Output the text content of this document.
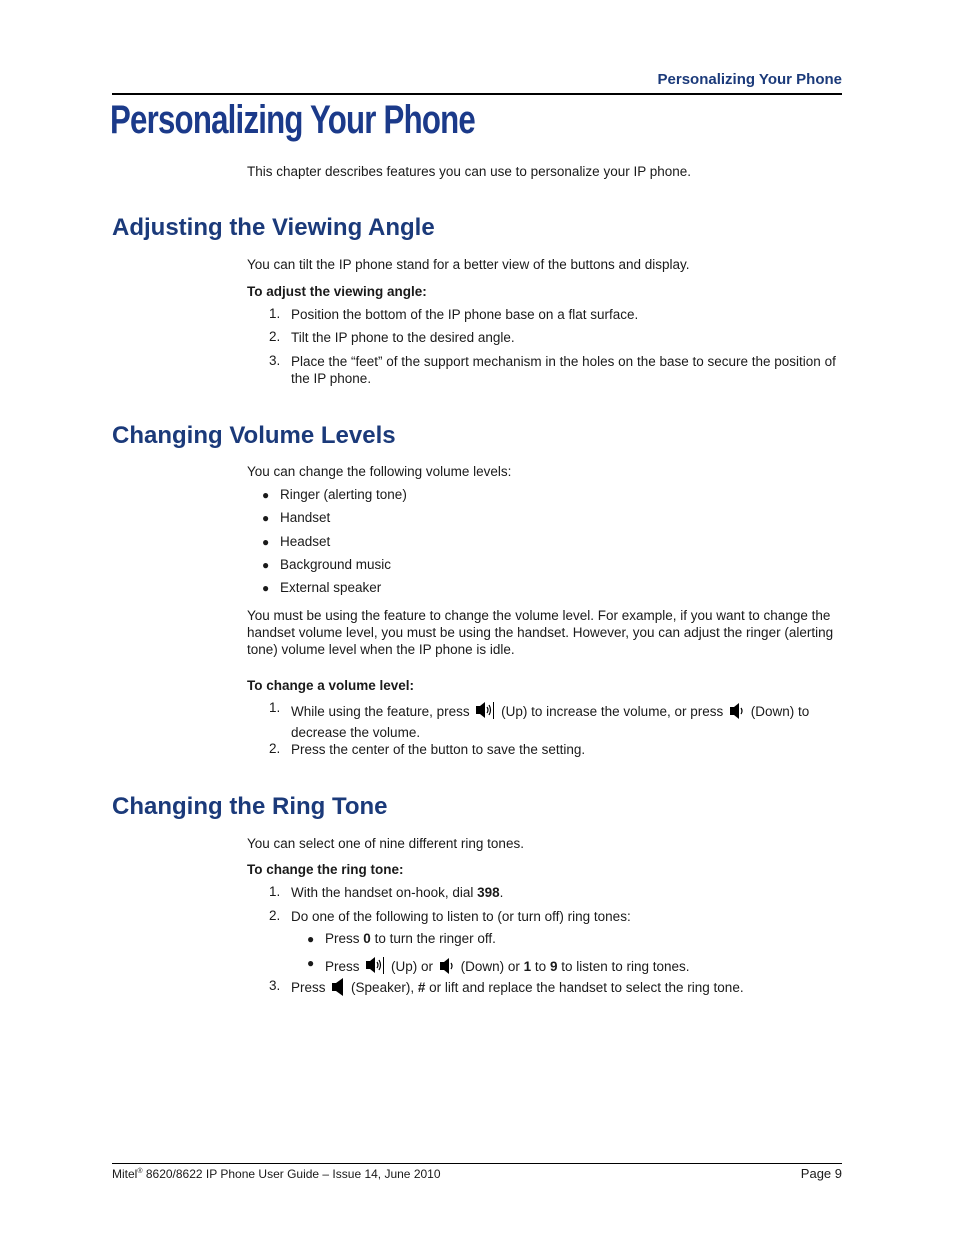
Personalizing Your Phone
Personalizing Your Phone
This chapter describes features you can use to personalize your IP phone.
Adjusting the Viewing Angle
You can tilt the IP phone stand for a better view of the buttons and display.
To adjust the viewing angle:
1. Position the bottom of the IP phone base on a flat surface.
2. Tilt the IP phone to the desired angle.
3. Place the “feet” of the support mechanism in the holes on the base to secure the position of the IP phone.
Changing Volume Levels
You can change the following volume levels:
● Ringer (alerting tone)
● Handset
● Headset
● Background music
● External speaker
You must be using the feature to change the volume level. For example, if you want to change the handset volume level, you must be using the handset. However, you can adjust the ringer (alerting tone) volume level when the IP phone is idle.
To change a volume level:
1. While using the feature, press (Up) to increase the volume, or press (Down) to decrease the volume.
2. Press the center of the button to save the setting.
Changing the Ring Tone
You can select one of nine different ring tones.
To change the ring tone:
1. With the handset on-hook, dial 398.
2. Do one of the following to listen to (or turn off) ring tones:
● Press 0 to turn the ringer off.
● Press (Up) or (Down) or 1 to 9 to listen to ring tones.
3. Press (Speaker), # or lift and replace the handset to select the ring tone.
Mitel® 8620/8622 IP Phone User Guide – Issue 14, June 2010	Page 9
